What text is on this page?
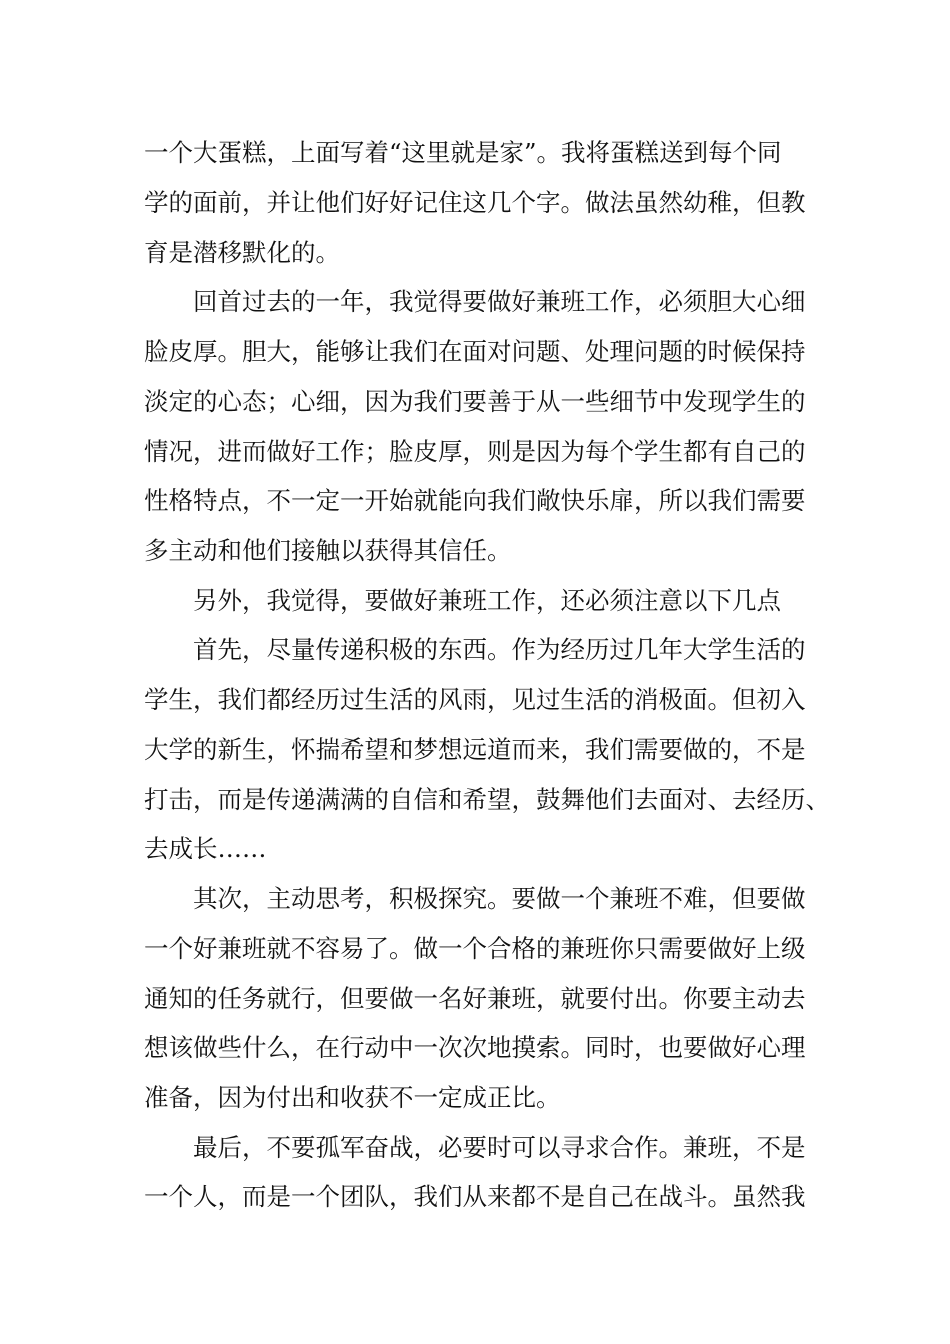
一个大蛋糕，上面写着“这里就是家”。我将蛋糕送到每个同
学的面前，并让他们好好记住这几个字。做法虽然幼稚，但教
育是潜移默化的。
回首过去的一年，我觉得要做好兼班工作，必须胆大心细
脸皮厚。胆大，能够让我们在面对问题、处理问题的时候保持
淡定的心态；心细，因为我们要善于从一些细节中发现学生的
情况，进而做好工作；脸皮厚，则是因为每个学生都有自己的
性格特点，不一定一开始就能向我们敞快乐扉，所以我们需要
多主动和他们接触以获得其信任。
另外，我觉得，要做好兼班工作，还必须注意以下几点
首先，尽量传递积极的东西。作为经历过几年大学生活的
学生，我们都经历过生活的风雨，见过生活的消极面。但初入
大学的新生，怀揣希望和梦想远道而来，我们需要做的，不是
打击，而是传递满满的自信和希望，鼓舞他们去面对、去经历、
去成长……
其次，主动思考，积极探究。要做一个兼班不难，但要做
一个好兼班就不容易了。做一个合格的兼班你只需要做好上级
通知的任务就行，但要做一名好兼班，就要付出。你要主动去
想该做些什么，在行动中一次次地摸索。同时，也要做好心理
准备，因为付出和收获不一定成正比。
最后，不要孤军奋战，必要时可以寻求合作。兼班，不是
一个人，而是一个团队，我们从来都不是自己在战斗。虽然我
